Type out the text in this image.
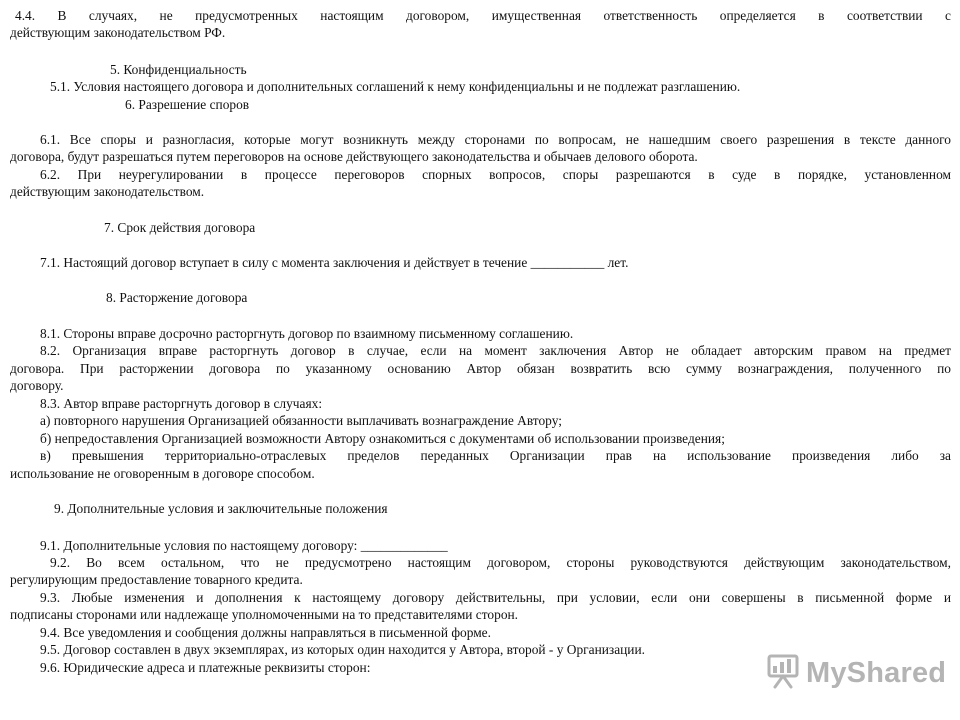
4.4. В случаях, не предусмотренных настоящим договором, имущественная ответственность определяется в соответствии с
действующим законодательством РФ.
5. Конфиденциальность
5.1. Условия настоящего договора и дополнительных соглашений к нему конфиденциальны и не подлежат разглашению.
6. Разрешение споров
6.1. Все споры и разногласия, которые могут возникнуть между сторонами по вопросам, не нашедшим своего разрешения в тексте данного
договора, будут разрешаться путем переговоров на основе действующего законодательства и обычаев делового оборота.
6.2. При неурегулировании в процессе переговоров спорных вопросов, споры разрешаются в суде в порядке, установленном
действующим законодательством.
7. Срок действия договора
7.1. Настоящий договор вступает в силу с момента заключения и действует в течение ___________ лет.
8. Расторжение договора
8.1. Стороны вправе досрочно расторгнуть договор по взаимному письменному соглашению.
8.2. Организация вправе расторгнуть договор в случае, если на момент заключения Автор не обладает авторским правом на предмет
договора. При расторжении договора по указанному основанию Автор обязан возвратить всю сумму вознаграждения, полученного по
договору.
8.3. Автор вправе расторгнуть договор в случаях:
а) повторного нарушения Организацией обязанности выплачивать вознаграждение Автору;
б) непредоставления Организацией возможности Автору ознакомиться с документами об использовании произведения;
в) превышения территориально-отраслевых пределов переданных Организации прав на использование произведения либо за
использование не оговоренным в договоре способом.
9. Дополнительные условия и заключительные положения
9.1. Дополнительные условия по настоящему договору: _____________
9.2. Во всем остальном, что не предусмотрено настоящим договором, стороны руководствуются действующим законодательством,
регулирующим предоставление товарного кредита.
9.3. Любые изменения и дополнения к настоящему договору действительны, при условии, если они совершены в письменной форме и
подписаны сторонами или надлежаще уполномоченными на то представителями сторон.
9.4. Все уведомления и сообщения должны направляться в письменной форме.
9.5. Договор составлен в двух экземплярах, из которых один находится у Автора, второй - у Организации.
9.6. Юридические адреса и платежные реквизиты сторон:	MyShared
